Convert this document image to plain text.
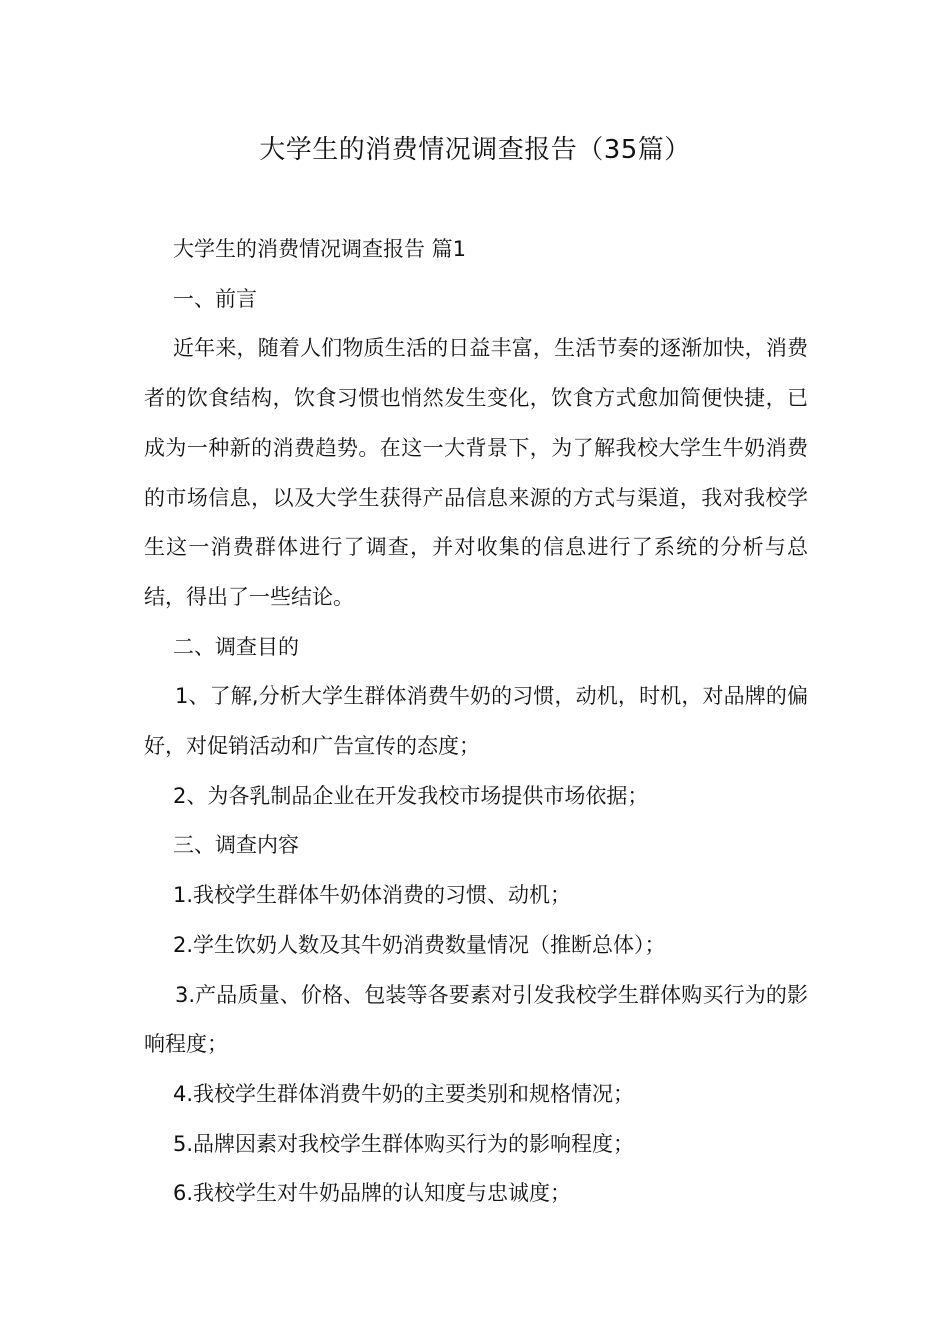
大学生的消费情况调查报告（35篇）

大学生的消费情况调查报告 篇1

一、前言

近年来，随着人们物质生活的日益丰富，生活节奏的逐渐加快，消费者的饮食结构，饮食习惯也悄然发生变化，饮食方式愈加简便快捷，已成为一种新的消费趋势。在这一大背景下，为了解我校大学生牛奶消费的市场信息，以及大学生获得产品信息来源的方式与渠道，我对我校学生这一消费群体进行了调查，并对收集的信息进行了系统的分析与总结，得出了一些结论。

二、调查目的

1、了解,分析大学生群体消费牛奶的习惯，动机，时机，对品牌的偏好，对促销活动和广告宣传的态度；

2、为各乳制品企业在开发我校市场提供市场依据；

三、调查内容

1.我校学生群体牛奶体消费的习惯、动机；

2.学生饮奶人数及其牛奶消费数量情况（推断总体）；

3.产品质量、价格、包装等各要素对引发我校学生群体购买行为的影响程度；

4.我校学生群体消费牛奶的主要类别和规格情况；

5.品牌因素对我校学生群体购买行为的影响程度；

6.我校学生对牛奶品牌的认知度与忠诚度；
